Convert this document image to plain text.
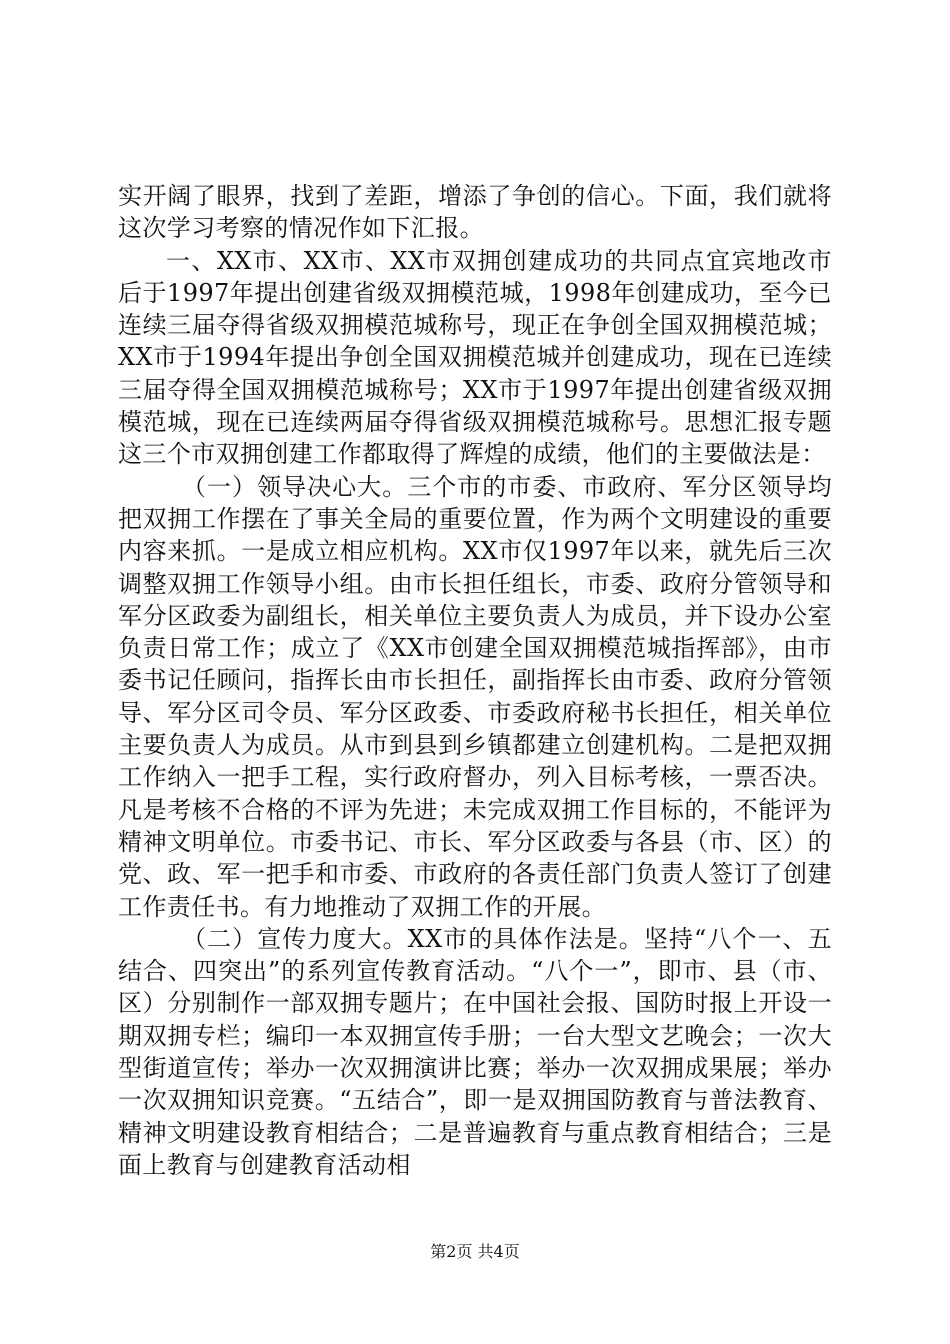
实开阔了眼界，找到了差距，增添了争创的信心。下面，我们就将这次学习考察的情况作如下汇报。

一、XX市、XX市、XX市双拥创建成功的共同点宜宾地改市后于1997年提出创建省级双拥模范城，1998年创建成功，至今已连续三届夺得省级双拥模范城称号，现正在争创全国双拥模范城；XX市于1994年提出争创全国双拥模范城并创建成功，现在已连续三届夺得全国双拥模范城称号；XX市于1997年提出创建省级双拥模范城，现在已连续两届夺得省级双拥模范城称号。思想汇报专题这三个市双拥创建工作都取得了辉煌的成绩，他们的主要做法是：

（一）领导决心大。三个市的市委、市政府、军分区领导均把双拥工作摆在了事关全局的重要位置，作为两个文明建设的重要内容来抓。一是成立相应机构。XX市仅1997年以来，就先后三次调整双拥工作领导小组。由市长担任组长，市委、政府分管领导和军分区政委为副组长，相关单位主要负责人为成员，并下设办公室负责日常工作；成立了《XX市创建全国双拥模范城指挥部》，由市委书记任顾问，指挥长由市长担任，副指挥长由市委、政府分管领导、军分区司令员、军分区政委、市委政府秘书长担任，相关单位主要负责人为成员。从市到县到乡镇都建立创建机构。二是把双拥工作纳入一把手工程，实行政府督办，列入目标考核，一票否决。凡是考核不合格的不评为先进；未完成双拥工作目标的，不能评为精神文明单位。市委书记、市长、军分区政委与各县（市、区）的党、政、军一把手和市委、市政府的各责任部门负责人签订了创建工作责任书。有力地推动了双拥工作的开展。

（二）宣传力度大。XX市的具体作法是。坚持“八个一、五结合、四突出”的系列宣传教育活动。“八个一”，即市、县（市、区）分别制作一部双拥专题片；在中国社会报、国防时报上开设一期双拥专栏；编印一本双拥宣传手册；一台大型文艺晚会；一次大型街道宣传；举办一次双拥演讲比赛；举办一次双拥成果展；举办一次双拥知识竞赛。“五结合”，即一是双拥国防教育与普法教育、精神文明建设教育相结合；二是普遍教育与重点教育相结合；三是面上教育与创建教育活动相

第2页 共4页
